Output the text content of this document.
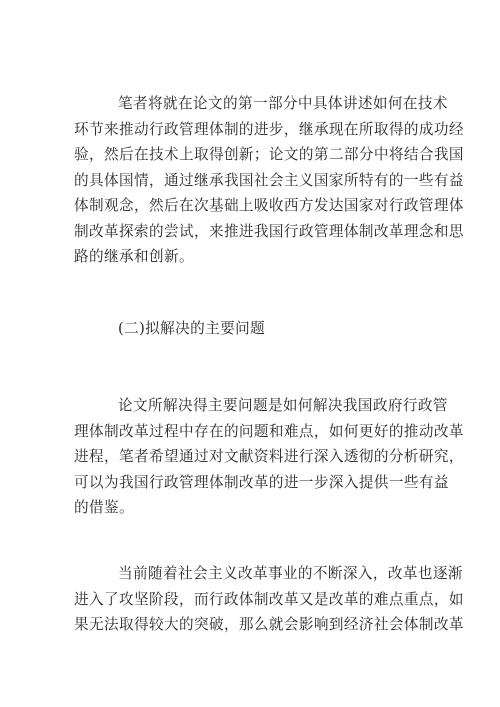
笔者将就在论文的第一部分中具体讲述如何在技术
环节来推动行政管理体制的进步，继承现在所取得的成功经
验，然后在技术上取得创新；论文的第二部分中将结合我国
的具体国情，通过继承我国社会主义国家所特有的一些有益
体制观念，然后在次基础上吸收西方发达国家对行政管理体
制改革探索的尝试，来推进我国行政管理体制改革理念和思
路的继承和创新。
(二)拟解决的主要问题
论文所解决得主要问题是如何解决我国政府行政管
理体制改革过程中存在的问题和难点，如何更好的推动改革
进程，笔者希望通过对文献资料进行深入透彻的分析研究，
可以为我国行政管理体制改革的进一步深入提供一些有益
的借鉴。
当前随着社会主义改革事业的不断深入，改革也逐渐
进入了攻坚阶段，而行政体制改革又是改革的难点重点，如
果无法取得较大的突破，那么就会影响到经济社会体制改革
